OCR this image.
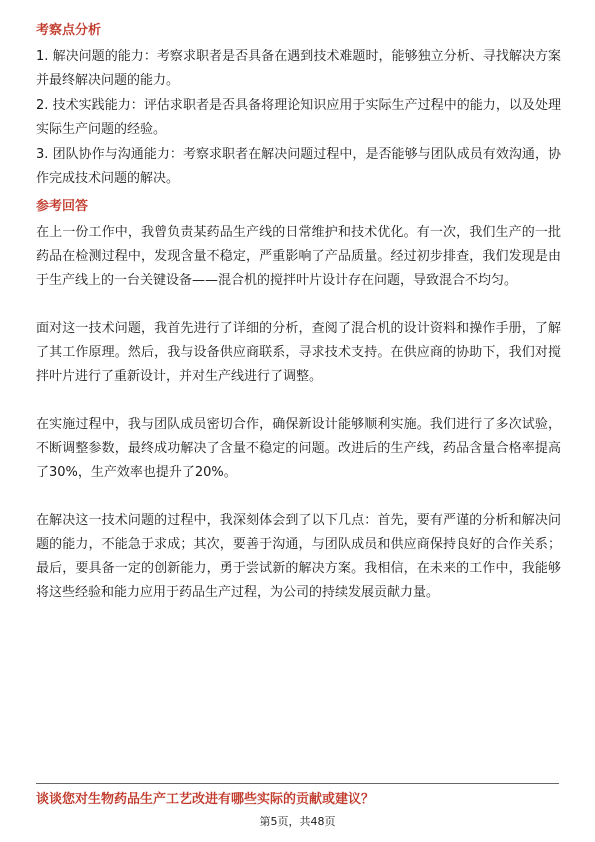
考察点分析
1. 解决问题的能力：考察求职者是否具备在遇到技术难题时，能够独立分析、寻找解决方案并最终解决问题的能力。
2. 技术实践能力：评估求职者是否具备将理论知识应用于实际生产过程中的能力，以及处理实际生产问题的经验。
3. 团队协作与沟通能力：考察求职者在解决问题过程中，是否能够与团队成员有效沟通，协作完成技术问题的解决。
参考回答
在上一份工作中，我曾负责某药品生产线的日常维护和技术优化。有一次，我们生产的一批药品在检测过程中，发现含量不稳定，严重影响了产品质量。经过初步排查，我们发现是由于生产线上的一台关键设备——混合机的搅拌叶片设计存在问题，导致混合不均匀。
面对这一技术问题，我首先进行了详细的分析，查阅了混合机的设计资料和操作手册，了解了其工作原理。然后，我与设备供应商联系，寻求技术支持。在供应商的协助下，我们对搅拌叶片进行了重新设计，并对生产线进行了调整。
在实施过程中，我与团队成员密切合作，确保新设计能够顺利实施。我们进行了多次试验，不断调整参数，最终成功解决了含量不稳定的问题。改进后的生产线，药品含量合格率提高了30%，生产效率也提升了20%。
在解决这一技术问题的过程中，我深刻体会到了以下几点：首先，要有严谨的分析和解决问题的能力，不能急于求成；其次，要善于沟通，与团队成员和供应商保持良好的合作关系；最后，要具备一定的创新能力，勇于尝试新的解决方案。我相信，在未来的工作中，我能够将这些经验和能力应用于药品生产过程，为公司的持续发展贡献力量。
谈谈您对生物药品生产工艺改进有哪些实际的贡献或建议？
第5页，共48页
